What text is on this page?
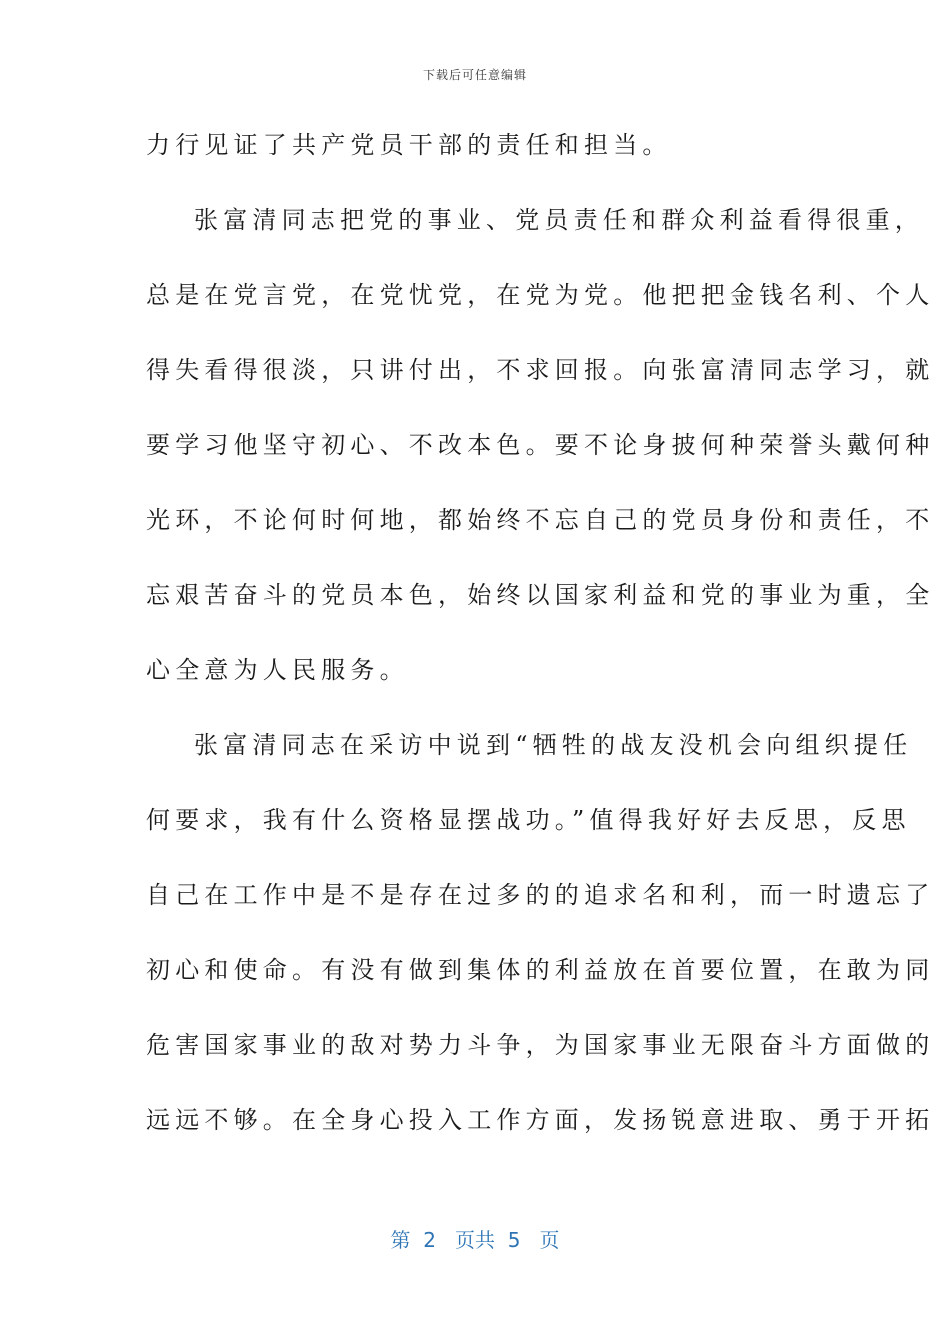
下载后可任意编辑
力行见证了共产党员干部的责任和担当。
张富清同志把党的事业、党员责任和群众利益看得很重，
总是在党言党，在党忧党，在党为党。他把把金钱名利、个人
得失看得很淡，只讲付出，不求回报。向张富清同志学习，就
要学习他坚守初心、不改本色。要不论身披何种荣誉头戴何种
光环，不论何时何地，都始终不忘自己的党员身份和责任，不
忘艰苦奋斗的党员本色，始终以国家利益和党的事业为重，全
心全意为人民服务。
张富清同志在采访中说到“牺牲的战友没机会向组织提任
何要求，我有什么资格显摆战功。”值得我好好去反思，反思
自己在工作中是不是存在过多的的追求名和利，而一时遗忘了
初心和使命。有没有做到集体的利益放在首要位置，在敢为同
危害国家事业的敌对势力斗争，为国家事业无限奋斗方面做的
远远不够。在全身心投入工作方面，发扬锐意进取、勇于开拓
第 2 页共 5 页
